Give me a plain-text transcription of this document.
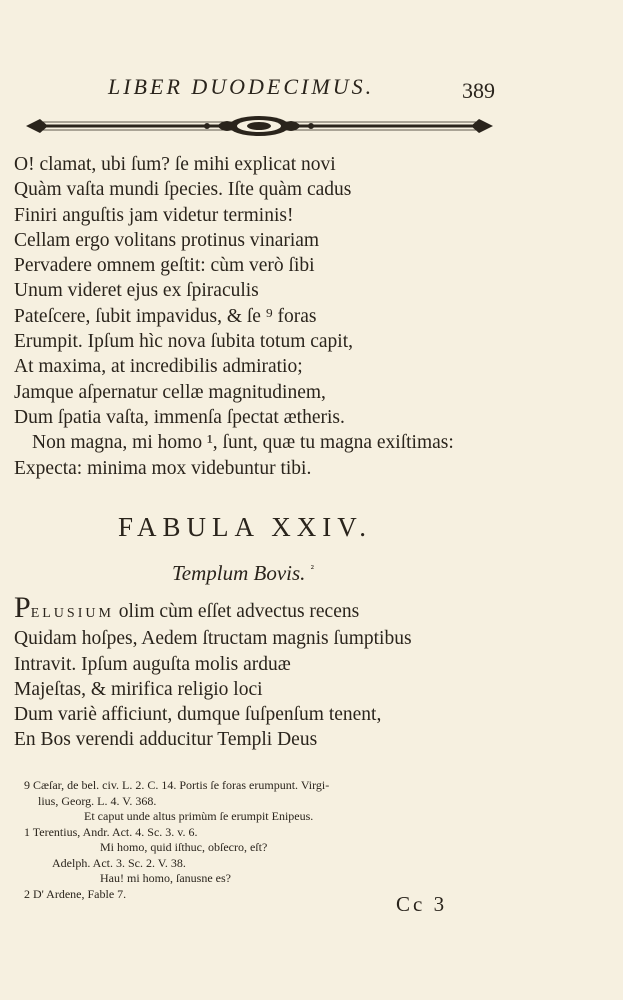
LIBER DUODECIMUS.	389
O! clamat, ubi ſum? ſe mihi explicat novi
Quàm vaſta mundi ſpecies. Iſte quàm cadus
Finiri anguſtis jam videtur terminis!
Cellam ergo volitans protinus vinariam
Pervadere omnem geſtit: cùm verò ſibi
Unum videret ejus ex ſpiraculis
Pateſcere, ſubit impavidus, & ſe ⁹ foras
Erumpit. Ipſum hìc nova ſubita totum capit,
At maxima, at incredibilis admiratio;
Jamque aſpernatur cellæ magnitudinem,
Dum ſpatia vaſta, immenſa ſpectat ætheris.
Non magna, mi homo ¹, ſunt, quæ tu magna exiſtimas:
Expecta: minima mox videbuntur tibi.
FABULA XXIV.
Templum Bovis. $^{^2}$
PELUSIUM olim cùm eſſet advectus recens
Quidam hoſpes, Aedem ſtructam magnis ſumptibus
Intravit. Ipſum auguſta molis arduæ
Majeſtas, & mirifica religio loci
Dum variè afficiunt, dumque ſuſpenſum tenent,
En Bos verendi adducitur Templi Deus
9 Cæſar, de bel. civ. L. 2. C. 14. Portis ſe foras erumpunt. Virgi-
lius, Georg. L. 4. V. 368.
Et caput unde altus primùm ſe erumpit Enipeus.
1 Terentius, Andr. Act. 4. Sc. 3. v. 6.
Mi homo, quid iſthuc, obſecro, eſt?
Adelph. Act. 3. Sc. 2. V. 38.
Hau! mi homo, ſanusne es?
2 D' Ardene, Fable 7.	Cc 3
